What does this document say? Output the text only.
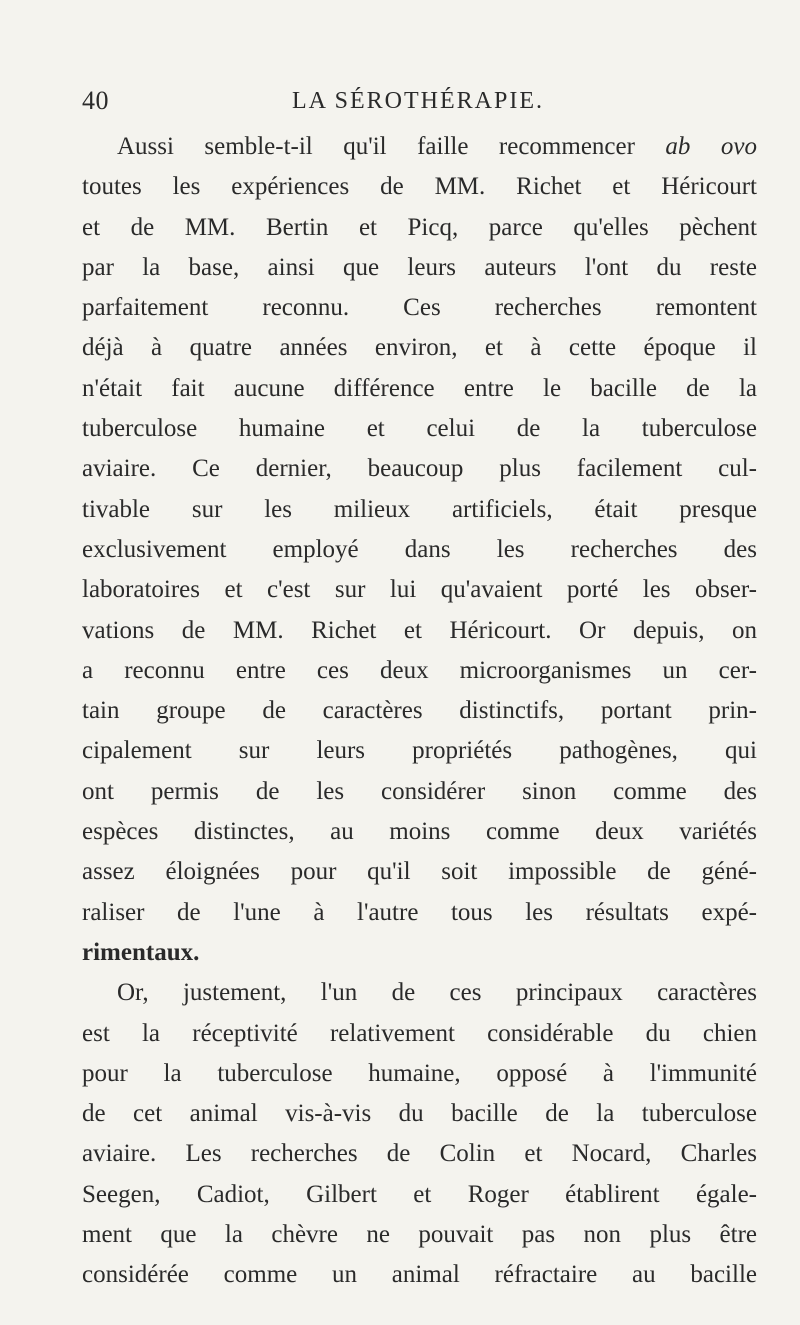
40	LA SÉROTHÉRAPIE.
Aussi semble-t-il qu'il faille recommencer ab ovo
toutes les expériences de MM. Richet et Héricourt
et de MM. Bertin et Picq, parce qu'elles pèchent
par la base, ainsi que leurs auteurs l'ont du reste
parfaitement reconnu. Ces recherches remontent
déjà à quatre années environ, et à cette époque il
n'était fait aucune différence entre le bacille de la
tuberculose humaine et celui de la tuberculose
aviaire. Ce dernier, beaucoup plus facilement cul-
tivable sur les milieux artificiels, était presque
exclusivement employé dans les recherches des
laboratoires et c'est sur lui qu'avaient porté les obser-
vations de MM. Richet et Héricourt. Or depuis, on
a reconnu entre ces deux microorganismes un cer-
tain groupe de caractères distinctifs, portant prin-
cipalement sur leurs propriétés pathogènes, qui
ont permis de les considérer sinon comme des
espèces distinctes, au moins comme deux variétés
assez éloignées pour qu'il soit impossible de géné-
raliser de l'une à l'autre tous les résultats expé-
rimentaux.
Or, justement, l'un de ces principaux caractères
est la réceptivité relativement considérable du chien
pour la tuberculose humaine, opposé à l'immunité
de cet animal vis-à-vis du bacille de la tuberculose
aviaire. Les recherches de Colin et Nocard, Charles
Seegen, Cadiot, Gilbert et Roger établirent égale-
ment que la chèvre ne pouvait pas non plus être
considérée comme un animal réfractaire au bacille
